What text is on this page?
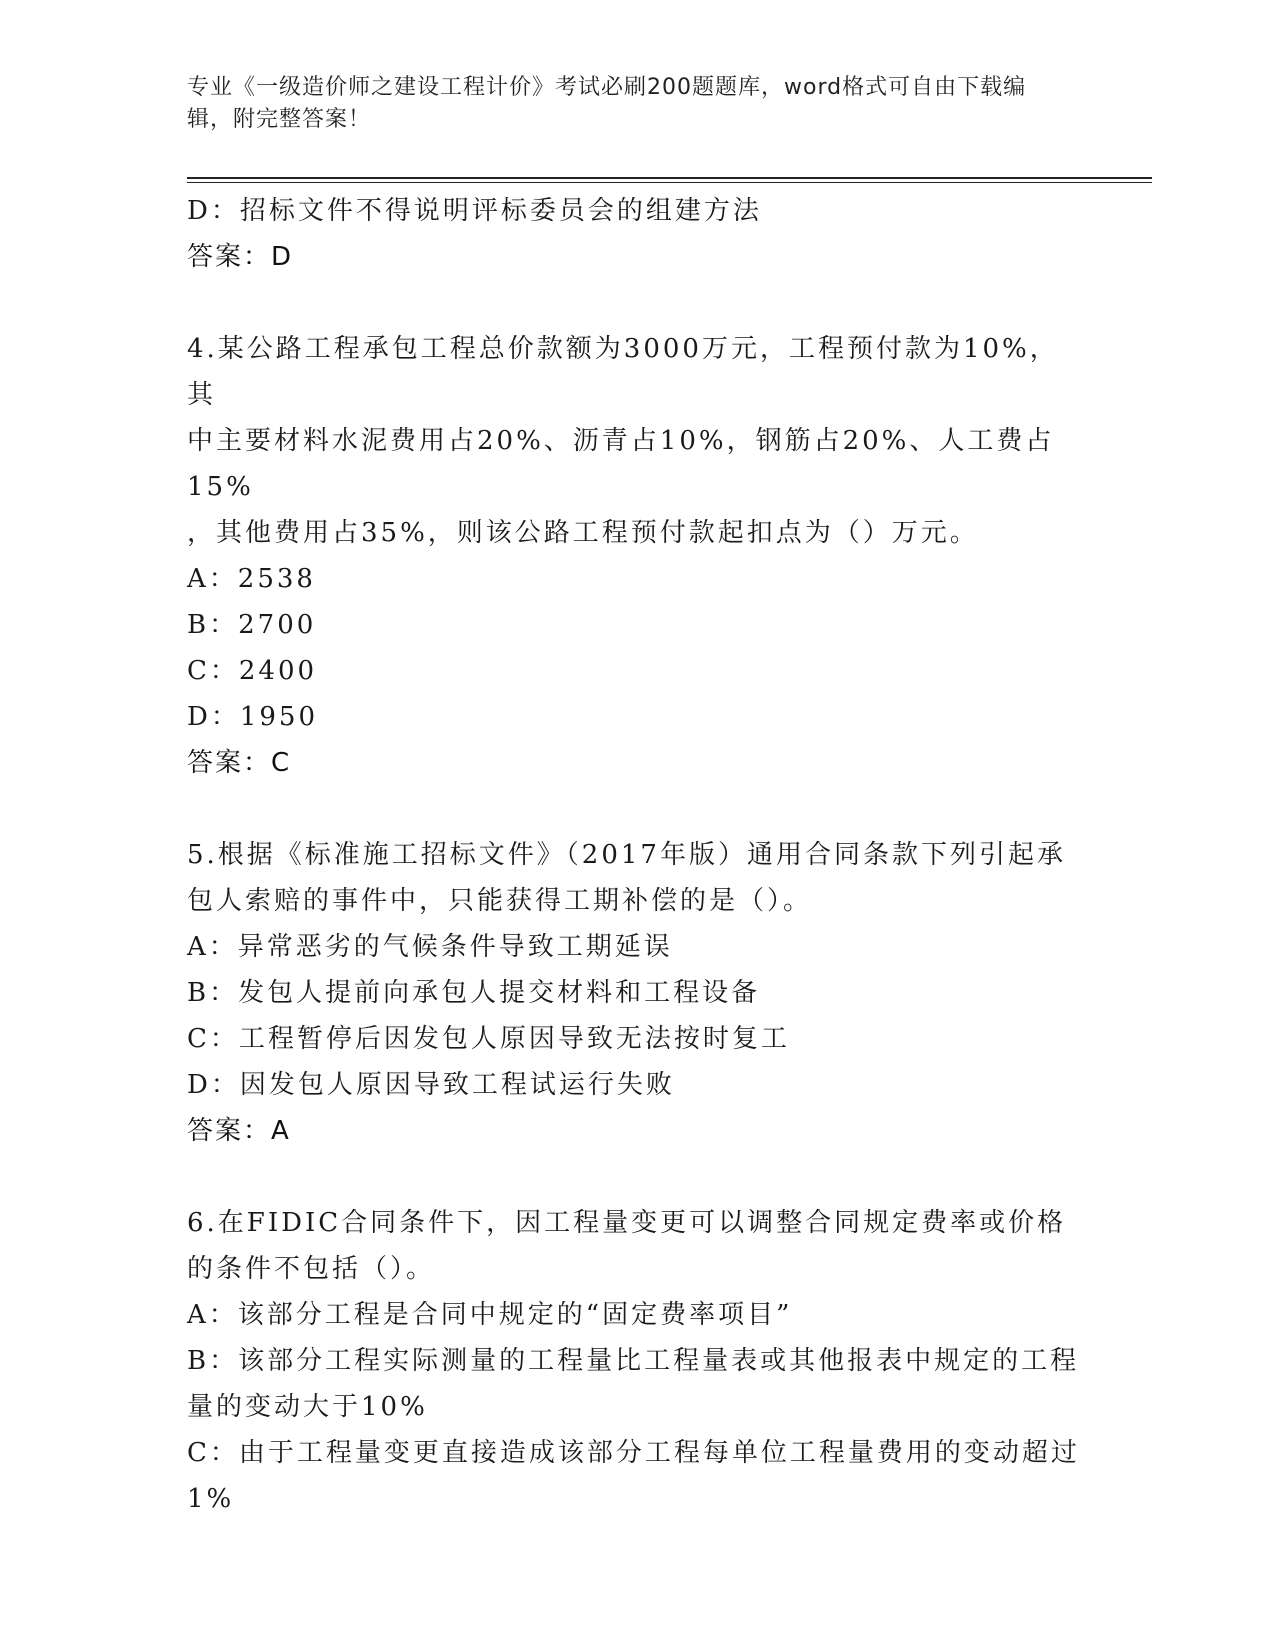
专业《一级造价师之建设工程计价》考试必刷200题题库，word格式可自由下载编辑，附完整答案！
D：招标文件不得说明评标委员会的组建方法
答案：D
4.某公路工程承包工程总价款额为3000万元，工程预付款为10%，其
中主要材料水泥费用占20%、沥青占10%，钢筋占20%、人工费占15%
，其他费用占35%，则该公路工程预付款起扣点为（）万元。
A：2538
B：2700
C：2400
D：1950
答案：C
5.根据《标准施工招标文件》（2017年版）通用合同条款下列引起承
包人索赔的事件中，只能获得工期补偿的是（）。
A：异常恶劣的气候条件导致工期延误
B：发包人提前向承包人提交材料和工程设备
C：工程暂停后因发包人原因导致无法按时复工
D：因发包人原因导致工程试运行失败
答案：A
6.在FIDIC合同条件下，因工程量变更可以调整合同规定费率或价格
的条件不包括（）。
A：该部分工程是合同中规定的“固定费率项目”
B：该部分工程实际测量的工程量比工程量表或其他报表中规定的工程
量的变动大于10%
C：由于工程量变更直接造成该部分工程每单位工程量费用的变动超过
1%
